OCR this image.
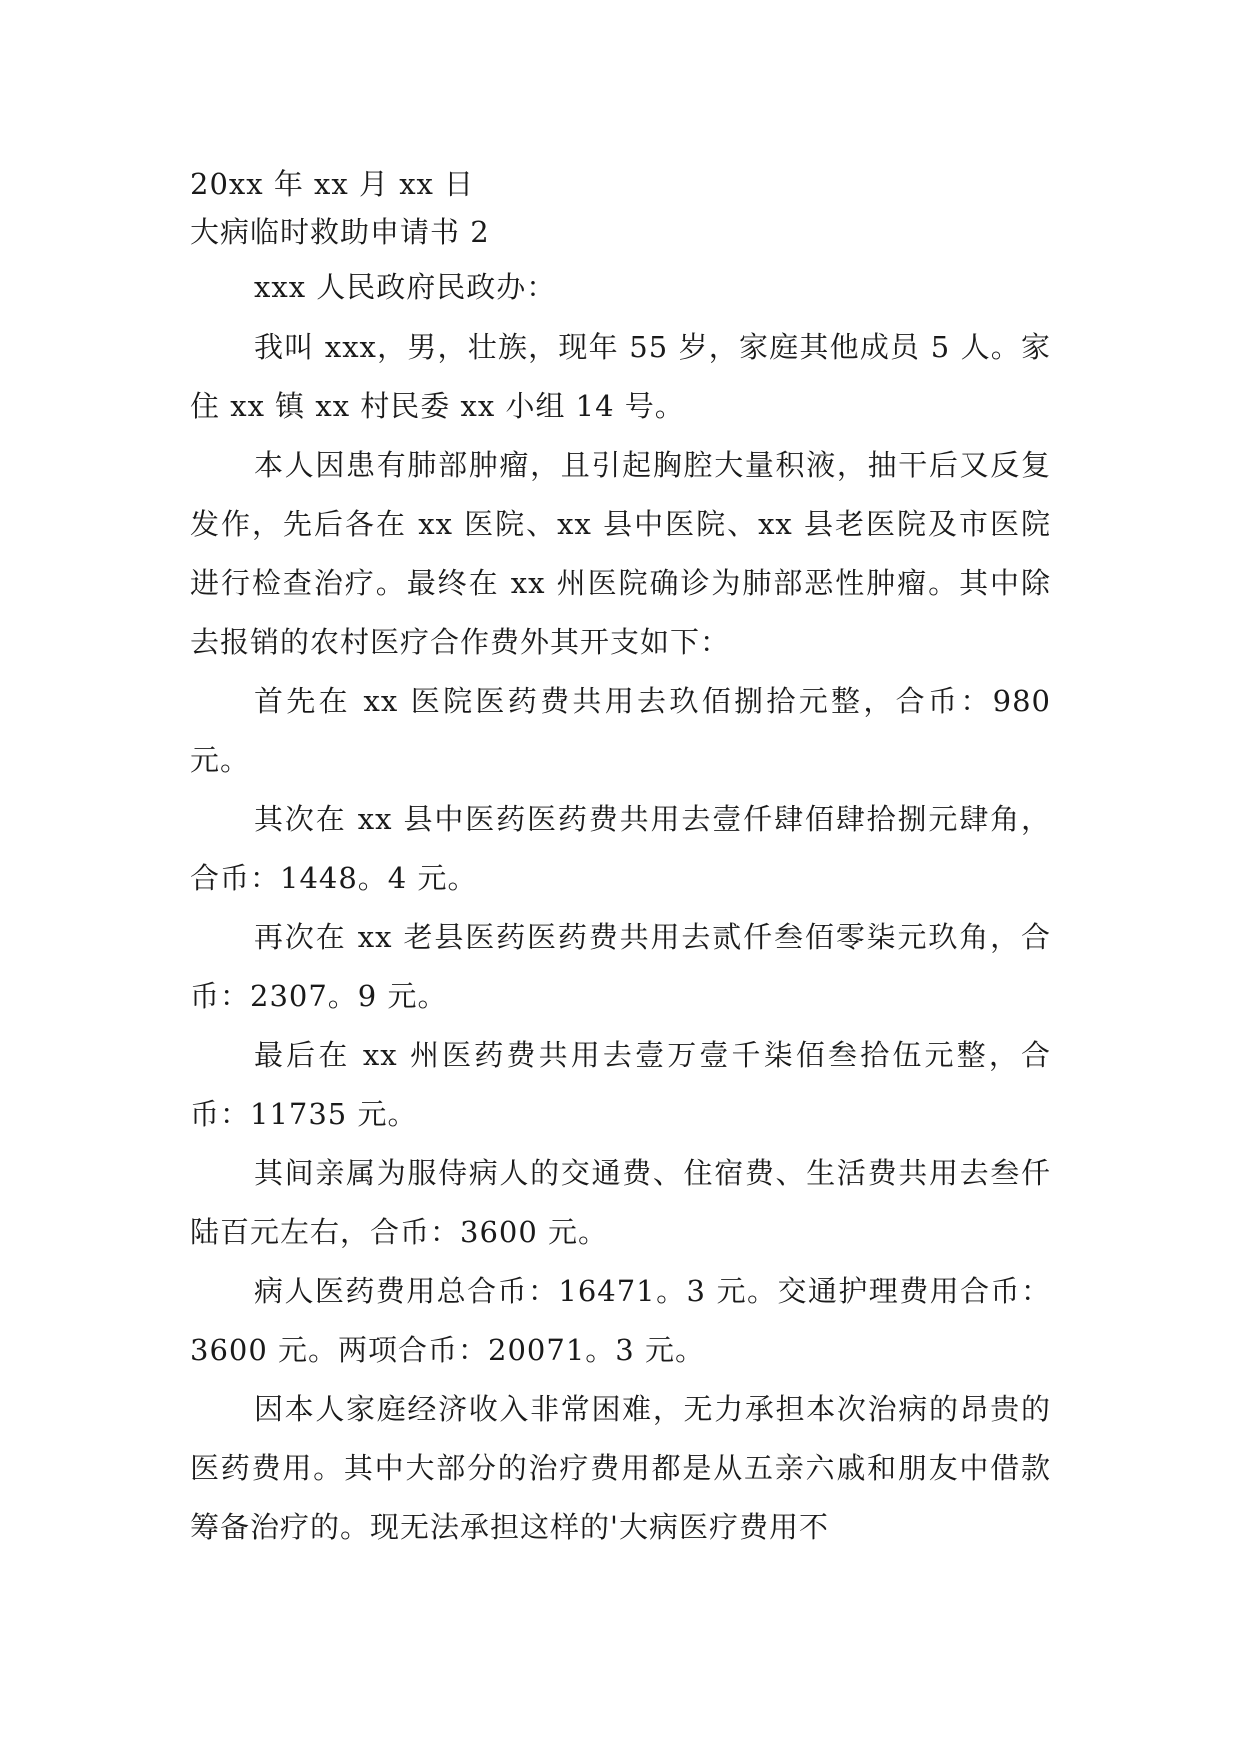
20xx 年 xx 月 xx 日
大病临时救助申请书 2

xxx 人民政府民政办：

我叫 xxx，男，壮族，现年 55 岁，家庭其他成员 5 人。家住 xx 镇 xx 村民委 xx 小组 14 号。

本人因患有肺部肿瘤，且引起胸腔大量积液，抽干后又反复发作，先后各在 xx 医院、xx 县中医院、xx 县老医院及市医院进行检查治疗。最终在 xx 州医院确诊为肺部恶性肿瘤。其中除去报销的农村医疗合作费外其开支如下：

首先在 xx 医院医药费共用去玖佰捌拾元整，合币：980 元。

其次在 xx 县中医药医药费共用去壹仟肆佰肆拾捌元肆角，合币：1448。4 元。

再次在 xx 老县医药医药费共用去贰仟叁佰零柒元玖角，合币：2307。9 元。

最后在 xx 州医药费共用去壹万壹千柒佰叁拾伍元整，合币：11735 元。

其间亲属为服侍病人的交通费、住宿费、生活费共用去叁仟陆百元左右，合币：3600 元。

病人医药费用总合币：16471。3 元。交通护理费用合币：3600 元。两项合币：20071。3 元。

因本人家庭经济收入非常困难，无力承担本次治病的昂贵的医药费用。其中大部分的治疗费用都是从五亲六戚和朋友中借款筹备治疗的。现无法承担这样的'大病医疗费用不
